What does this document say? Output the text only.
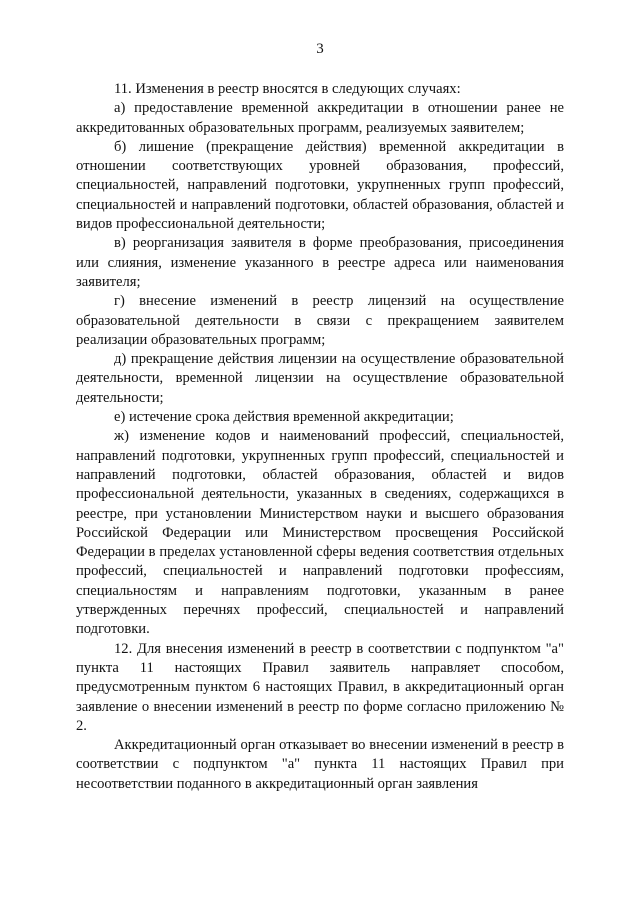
3

11. Изменения в реестр вносятся в следующих случаях:

а) предоставление временной аккредитации в отношении ранее не аккредитованных образовательных программ, реализуемых заявителем;

б) лишение (прекращение действия) временной аккредитации в отношении соответствующих уровней образования, профессий, специальностей, направлений подготовки, укрупненных групп профессий, специальностей и направлений подготовки, областей образования, областей и видов профессиональной деятельности;

в) реорганизация заявителя в форме преобразования, присоединения или слияния, изменение указанного в реестре адреса или наименования заявителя;

г) внесение изменений в реестр лицензий на осуществление образовательной деятельности в связи с прекращением заявителем реализации образовательных программ;

д) прекращение действия лицензии на осуществление образовательной деятельности, временной лицензии на осуществление образовательной деятельности;

е) истечение срока действия временной аккредитации;

ж) изменение кодов и наименований профессий, специальностей, направлений подготовки, укрупненных групп профессий, специальностей и направлений подготовки, областей образования, областей и видов профессиональной деятельности, указанных в сведениях, содержащихся в реестре, при установлении Министерством науки и высшего образования Российской Федерации или Министерством просвещения Российской Федерации в пределах установленной сферы ведения соответствия отдельных профессий, специальностей и направлений подготовки профессиям, специальностям и направлениям подготовки, указанным в ранее утвержденных перечнях профессий, специальностей и направлений подготовки.

12. Для внесения изменений в реестр в соответствии с подпунктом "а" пункта 11 настоящих Правил заявитель направляет способом, предусмотренным пунктом 6 настоящих Правил, в аккредитационный орган заявление о внесении изменений в реестр по форме согласно приложению № 2.

Аккредитационный орган отказывает во внесении изменений в реестр в соответствии с подпунктом "а" пункта 11 настоящих Правил при несоответствии поданного в аккредитационный орган заявления
